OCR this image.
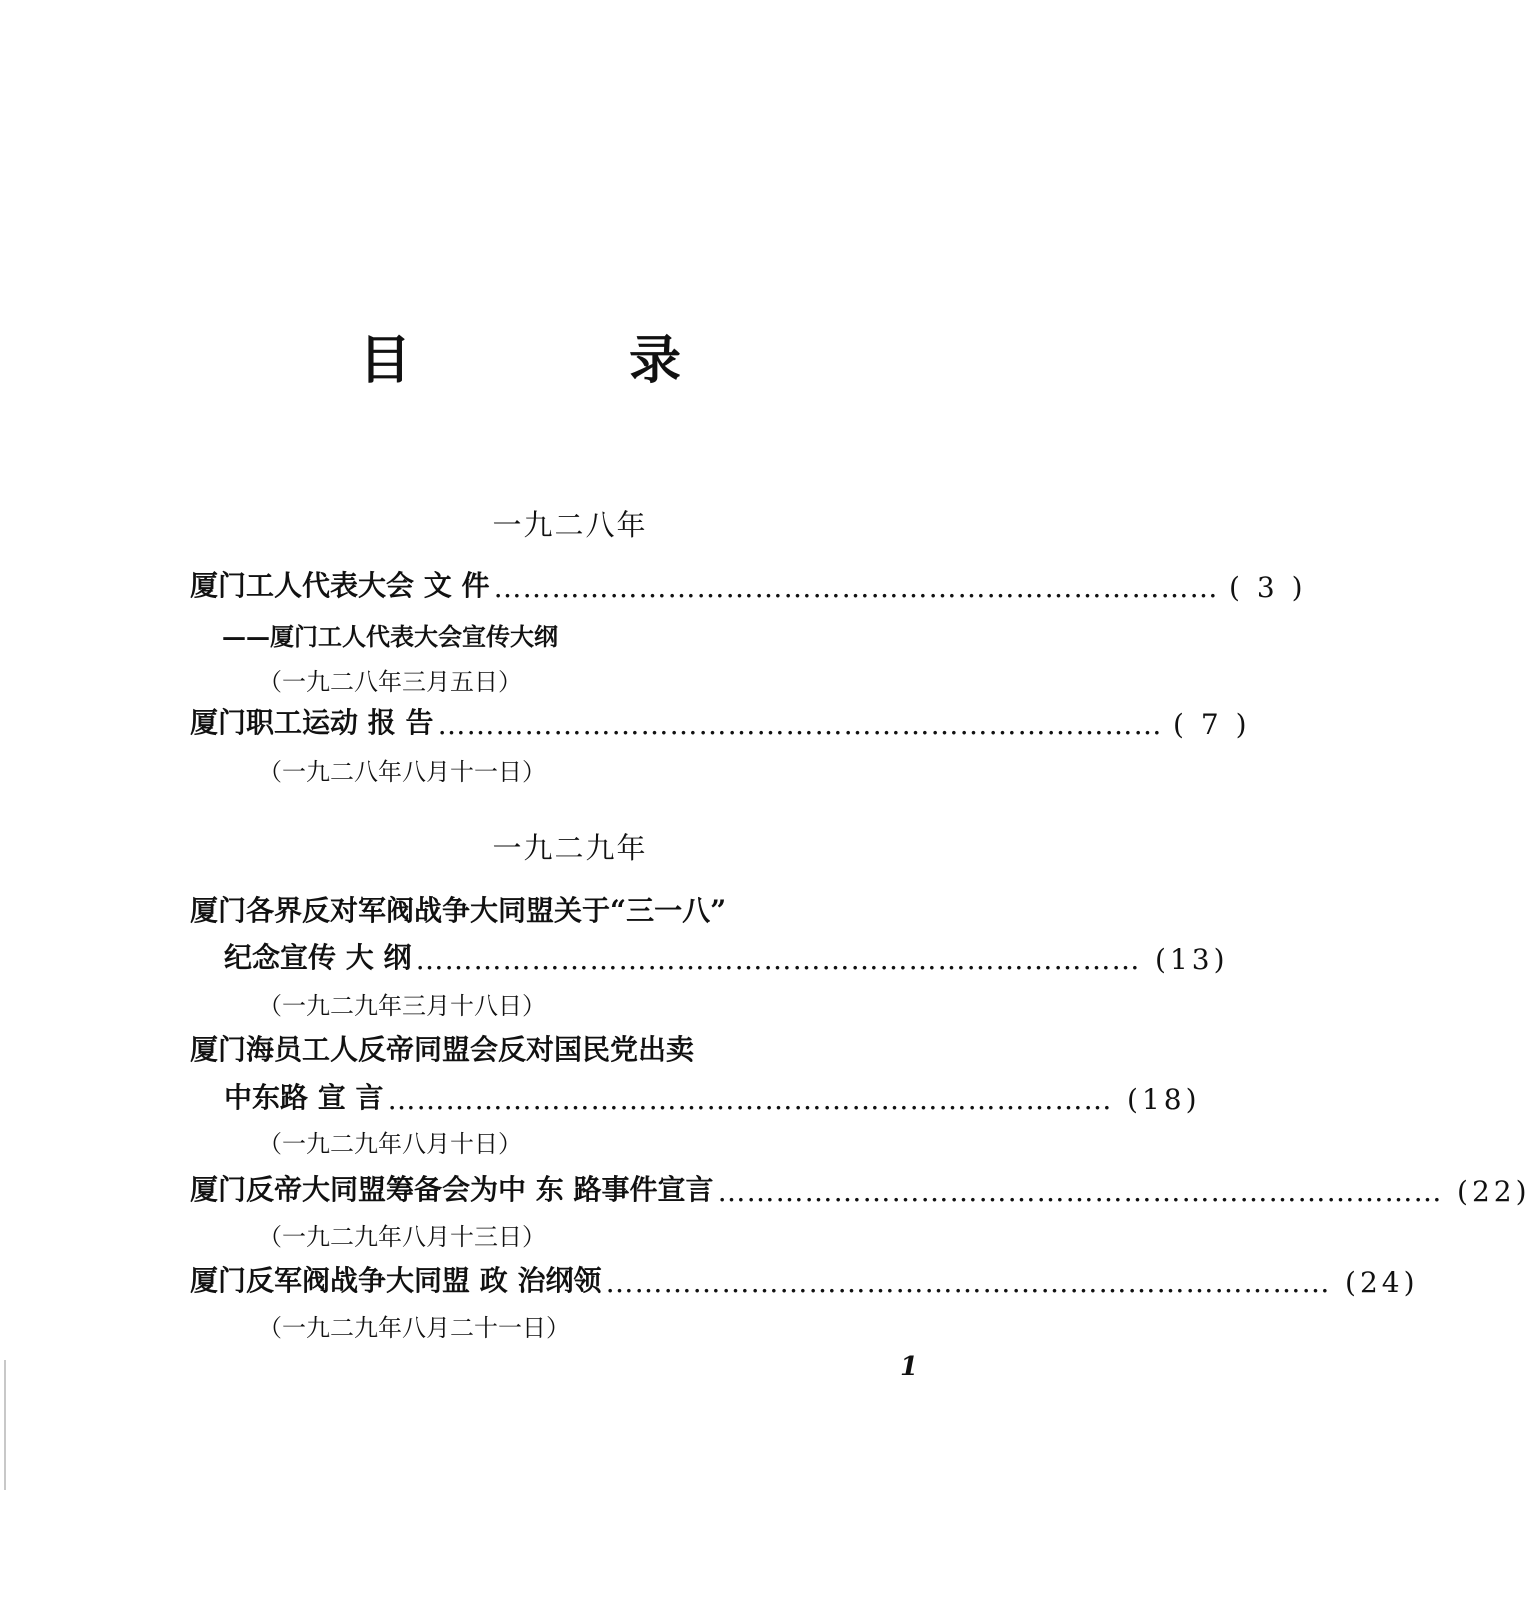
目 录
一九二八年
厦门工人代表大会 文 件 ………………………………………………………………… ( 3 )
——厦门工人代表大会宣传大纲
（一九二八年三月五日）
厦门职工运动 报 告 ………………………………………………………………… ( 7 )
（一九二八年八月十一日）
一九二九年
厦门各界反对军阀战争大同盟关于“三一八”
纪念宣传 大 纲 ………………………………………………………………… (13)
（一九二九年三月十八日）
厦门海员工人反帝同盟会反对国民党出卖
中东路 宣 言 ………………………………………………………………… (18)
（一九二九年八月十日）
厦门反帝大同盟筹备会为中 东 路事件宣言 ………………………………………………………………… (22)
（一九二九年八月十三日）
厦门反军阀战争大同盟 政 治纲领 ………………………………………………………………… (24)
（一九二九年八月二十一日）
1
